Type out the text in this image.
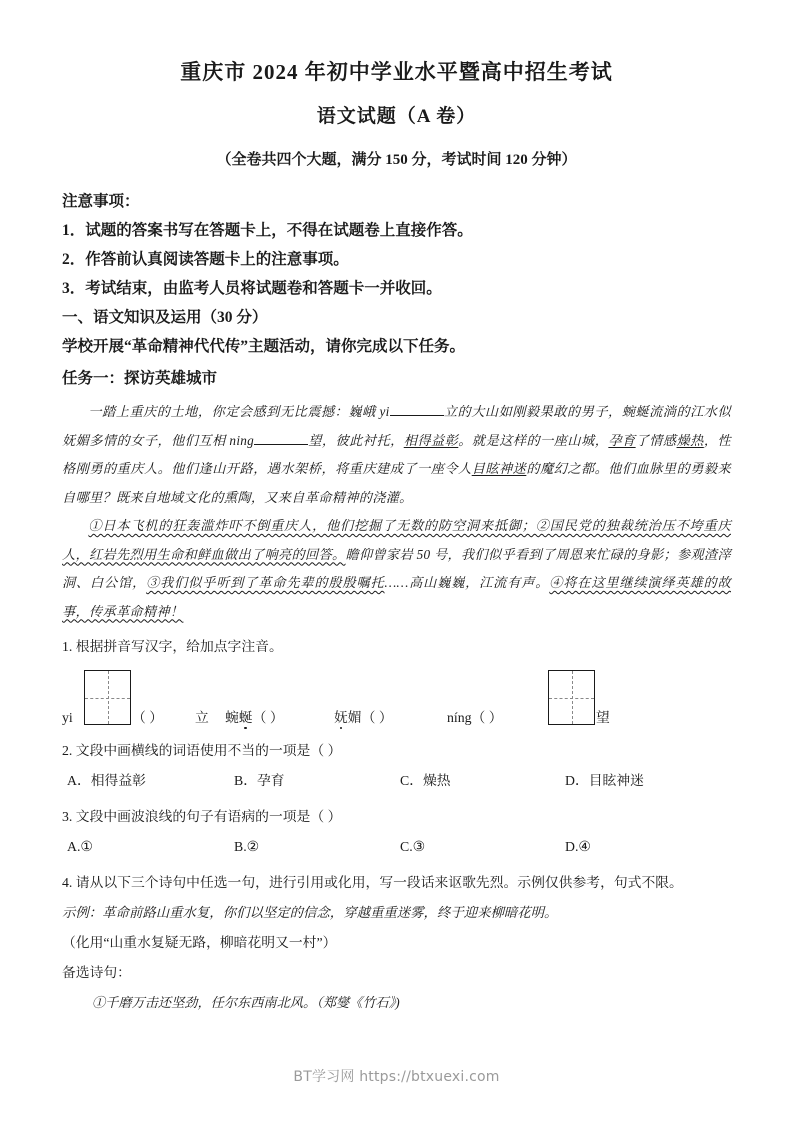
重庆市 2024 年初中学业水平暨高中招生考试
语文试题（A 卷）
（全卷共四个大题，满分 150 分，考试时间 120 分钟）
注意事项：
1．试题的答案书写在答题卡上，不得在试题卷上直接作答。
2．作答前认真阅读答题卡上的注意事项。
3．考试结束，由监考人员将试题卷和答题卡一并收回。
一、语文知识及运用（30 分）
学校开展“革命精神代代传”主题活动，请你完成以下任务。
任务一：探访英雄城市
一踏上重庆的土地，你定会感到无比震撼：巍峨 yi	立的大山如刚毅果敢的男子，蜿蜒流淌的江水似妩媚多情的女子，他们互相 ning	望，彼此衬托，相得益彰。就是这样的一座山城，孕育了情感燥热，性格刚勇的重庆人。他们逢山开路，遇水架桥，将重庆建成了一座令人目眩神迷的魔幻之都。他们血脉里的勇毅来自哪里？既来自地域文化的熏陶，又来自革命精神的浇灌。
①日本飞机的狂轰滥炸吓不倒重庆人，他们挖掘了无数的防空洞来抵御；②国民党的独裁统治压不垮重庆人，红岩先烈用生命和鲜血做出了响亮的回答。瞻仰曾家岩 50 号，我们似乎看到了周恩来忙碌的身影；参观渣滓洞、白公馆，③我们似乎听到了革命先辈的殷殷嘱托……高山巍巍，江流有声。④将在这里继续演绎英雄的故事，传承革命精神！
1. 根据拼音写汉字，给加点字注音。
yi	（ ） 立 蜿蜒（ ）	妩媚（ ）	níng（ ）	望
2. 文段中画横线的词语使用不当的一项是（ ）
A．相得益彰	B．孕育	C．燥热	D．目眩神迷
3. 文段中画波浪线的句子有语病的一项是（ ）
A.①	B.②	C.③	D.④
4. 请从以下三个诗句中任选一句，进行引用或化用，写一段话来讴歌先烈。示例仅供参考，句式不限。
示例：革命前路山重水复，你们以坚定的信念，穿越重重迷雾，终于迎来柳暗花明。
（化用“山重水复疑无路，柳暗花明又一村”）
备选诗句：
①千磨万击还坚劲，任尔东西南北风。（郑燮《竹石》)
BT学习网 https://btxuexi.com
